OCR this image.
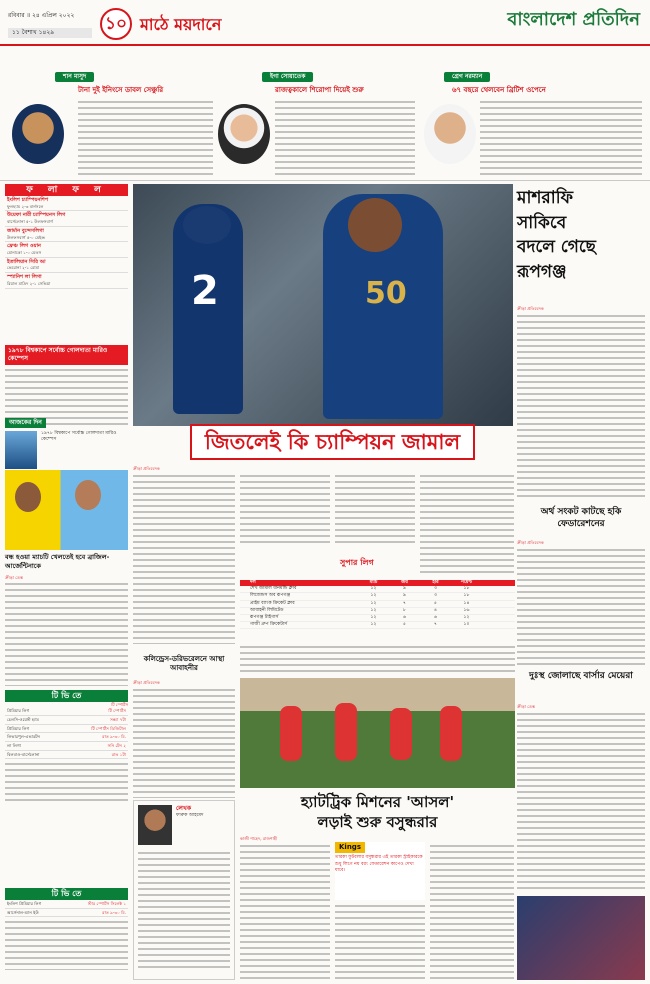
রবিবার ॥ ২৪ এপ্রিল ২০২২
১১ বৈশাখ ১৪২৯	১০ মাঠে ময়দানে	বাংলাদেশ প্রতিদিন
শান মাসুদ	ইগা সোয়াতেক	গ্রেগ নরম্যান
টানা দুই ইনিংসে ডাবল সেঞ্চুরি	রাজত্বকালে শিরোপা দিয়েই শুরু	৬৭ বছরে থেলবেন ব্রিটিশ ওপেনে
ফ লা ফ ল
ইংলিশ চ্যাম্পিয়নশিপ
ফুলহ্যাম ২-৩ বার্নসলে
উয়েফা নারী চ্যাম্পিয়নস লিগ
বার্সেলোনা ৫-১ উলফসবার্গ
জার্মান বুন্দেসলিগা
উলফসবার্গ ৫-০ মেইঞ্জ
ফ্রেঞ্চ লিগ ওয়ান
মোনাকো ১-০ মেতস
ইতালিয়ান সিরি আ
ভেরোনা ২-১ রোমা
স্প্যানিশ লা লিগা
রিয়াল মাদ্রিদ ২-১ সেভিয়া
১৯৭৮ বিশ্বকাপে সর্বোচ্চ গোলদাতা মারিও কেম্পেস
আজকের দিন
১৯৭৮ বিশ্বকাপে সর্বোচ্চ গোলদাতা মারিও কেম্পেস
বন্ধ হওয়া ম্যাচটি খেলতেই হবে ব্রাজিল-আর্জেন্টিনাকে
ক্রীড়া ডেস্ক
টি ভি তে
টি স্পোর্টস
প্রিমিয়ার লিগ	টি স্পোর্টস
চেলসি-ওয়েস্ট হ্যাম	সন্ধ্যা ৭টা
প্রিমিয়ার লিগ	টি স্পোর্টস ডিজিটাল
লিভারপুল-এভারটন	রাত ৯-৩০ মি.
লা লিগা	সনি টেন ২
বিলবাও-বার্সেলোনা	রাত ১টা
টি ভি তে
ইংলিশ প্রিমিয়ার লিগ	স্টার স্পোর্টস সিলেক্ট ১
আর্সেনাল-ম্যান ইউ	রাত ৯-৩০ মি.
2	50
মাশরাফি
সাকিবে
বদলে গেছে
রূপগঞ্জ
ক্রীড়া প্রতিবেদক
জিতলেই কি চ্যাম্পিয়ন জামাল
ক্রীড়া প্রতিবেদক
সুপার লিগ
দল	ম্যাচ	জয়	হার	পয়েন্ট
শেখ জামাল ধানমন্ডি ক্লাব	১২	৯	৩	১৮
লিজেন্ডস অব রূপগঞ্জ	১২	৯	৩	১৮
প্রাইম ব্যাংক ক্রিকেট ক্লাব	১২	৭	৫	১৪
আবাহনী লিমিটেড	১২	৮	৪	১৬
রূপগঞ্জ টাইগার্স	১২	৬	৬	১২
গাজী গ্রুপ ক্রিকেটার্স	১২	৫	৭	১০
কলিন্ড্রেস-ডরিভরেলনে আস্থা আবাহনীর
ক্রীড়া প্রতিবেদক
অর্থ সংকট কাটছে হকি ফেডারেশনের
ক্রীড়া প্রতিবেদক
দুঃস্থ জোলাছে বার্সার মেয়েরা
ক্রীড়া ডেস্ক
হ্যাটট্রিক মিশনের 'আসল'
লড়াই শুরু বসুন্ধরার
লেখক
ফারুক আহমেদ
কাজী শাহেদ, রাজশাহী
Kings
তারকা ফুটবলার বসুন্ধরার এই তারকা স্ট্রাইকারকে শুধু লিগে নয় বরং ফেডারেশন কাপেও দেখা যাবে।
